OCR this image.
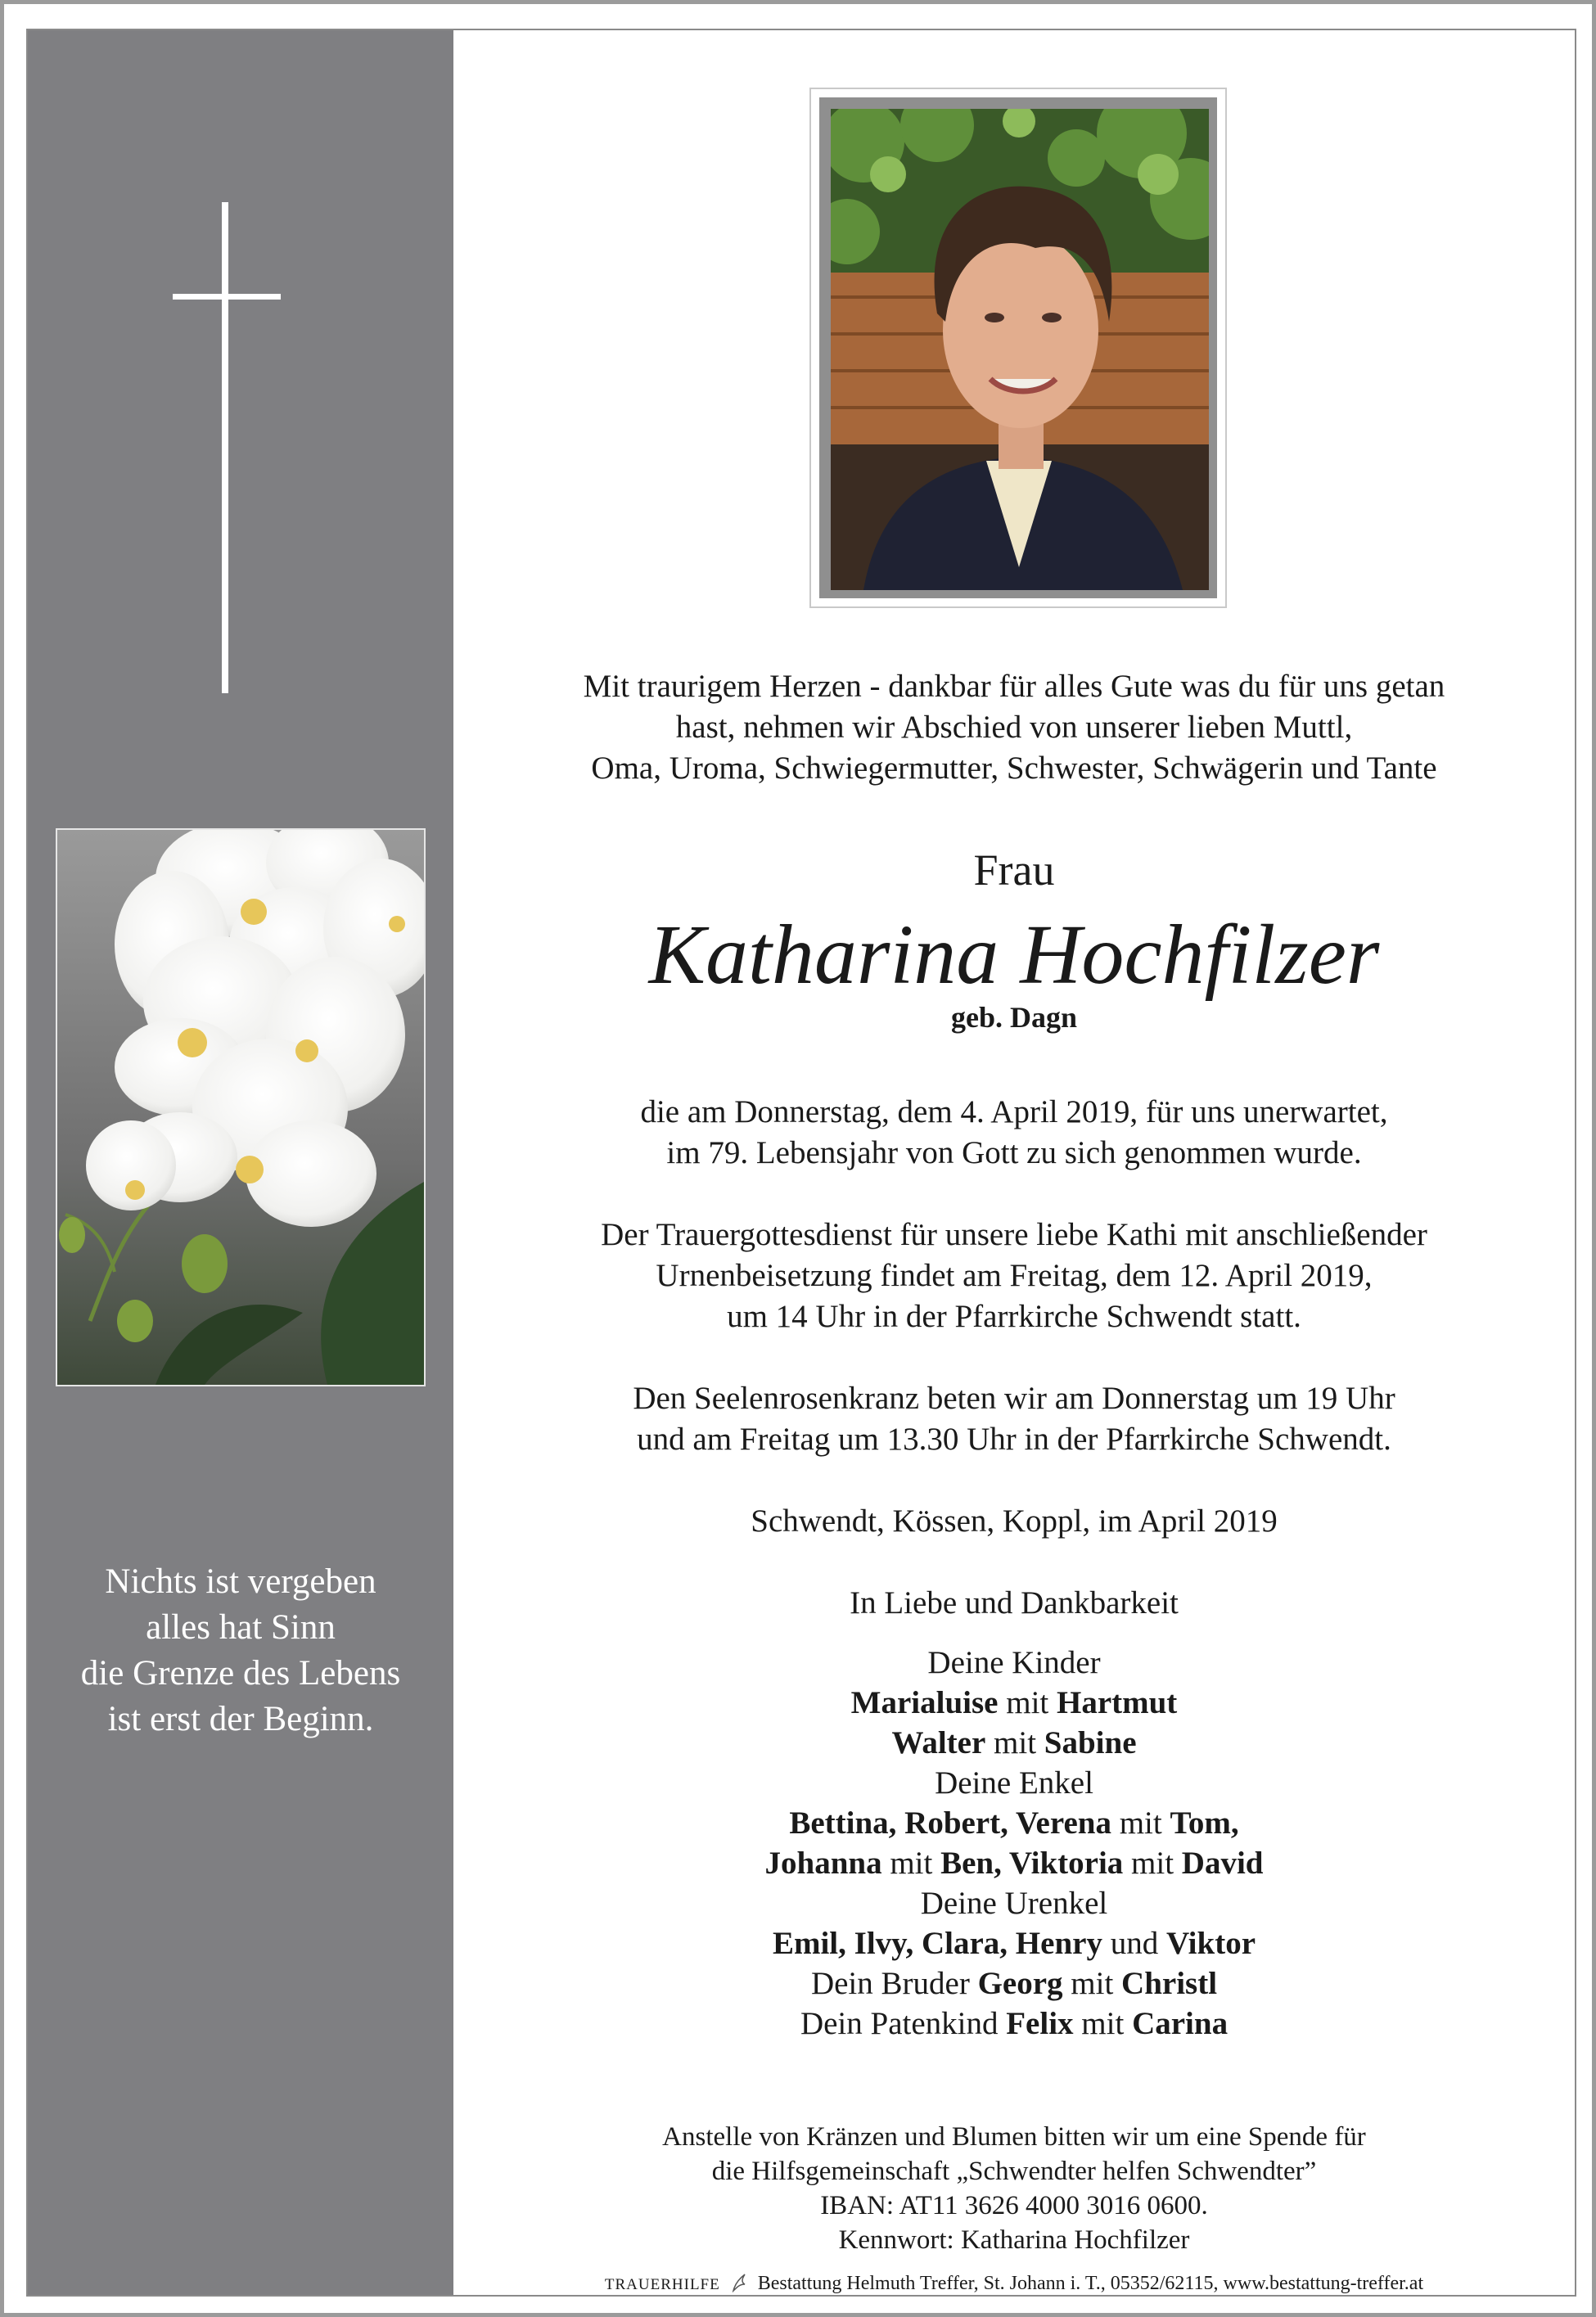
Nichts ist vergeben
alles hat Sinn
die Grenze des Lebens
ist erst der Beginn.
Mit traurigem Herzen - dankbar für alles Gute was du für uns getan
hast, nehmen wir Abschied von unserer lieben Muttl,
Oma, Uroma, Schwiegermutter, Schwester, Schwägerin und Tante
Frau
Katharina Hochfilzer
geb. Dagn
die am Donnerstag, dem 4. April 2019, für uns unerwartet,
im 79. Lebensjahr von Gott zu sich genommen wurde.
Der Trauergottesdienst für unsere liebe Kathi mit anschließender
Urnenbeisetzung findet am Freitag, dem 12. April 2019,
um 14 Uhr in der Pfarrkirche Schwendt statt.
Den Seelenrosenkranz beten wir am Donnerstag um 19 Uhr
und am Freitag um 13.30 Uhr in der Pfarrkirche Schwendt.
Schwendt, Kössen, Koppl, im April 2019
In Liebe und Dankbarkeit
Deine Kinder
Marialuise mit Hartmut
Walter mit Sabine
Deine Enkel
Bettina, Robert, Verena mit Tom,
Johanna mit Ben, Viktoria mit David
Deine Urenkel
Emil, Ilvy, Clara, Henry und Viktor
Dein Bruder Georg mit Christl
Dein Patenkind Felix mit Carina
Anstelle von Kränzen und Blumen bitten wir um eine Spende für
die Hilfsgemeinschaft „Schwendter helfen Schwendter”
IBAN: AT11 3626 4000 3016 0600.
Kennwort: Katharina Hochfilzer
TRAUERHILFE Bestattung Helmuth Treffer, St. Johann i. T., 05352/62115, www.bestattung-treffer.at
